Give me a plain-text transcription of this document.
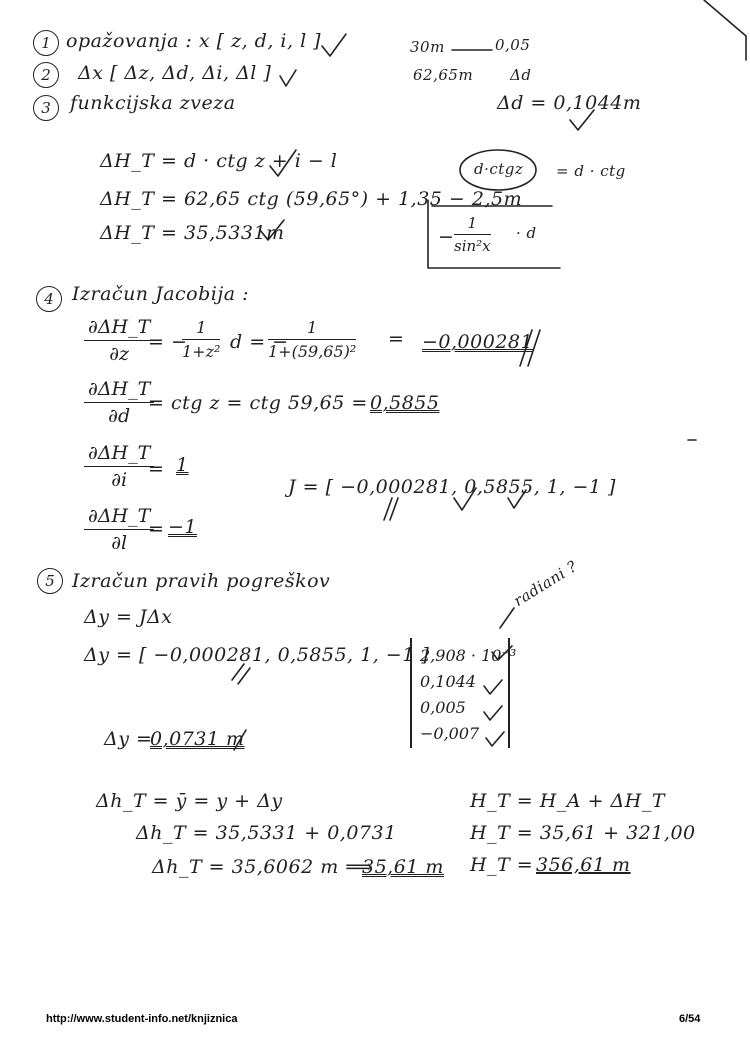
1 opažovanja : x [ z, d, i, l ]
2	Δx [ Δz, Δd, Δi, Δl ]
3	funkcijska zveza
30m	0,05
62,65m Δd
Δd = 0,1044m
ΔH_T = d · ctg z + i − l
ΔH_T = 62,65 ctg (59,65°) + 1,35 − 2,5m
ΔH_T = 35,5331m
d·ctgz = d · ctg
− $\frac{1}{\text{sin²x}} \cdot d$
4 Izračun Jacobija :
$\frac{\partial\Delta H\_T}{\partial z}$
= −
$\frac{1}{\text{1+z²}}$ d = −
$\frac{1}{\text{1+(59,65)²}} = -0,000281$
$\frac{\partial\Delta H\_T}{\partial d}$
= ctg z = ctg 59,65 = 0,5855
$\frac{\partial\Delta H\_T}{\partial i}$
= 1
J = [ −0,000281, 0,5855, 1, −1 ]
$\frac{\partial\Delta H\_T}{\partial l}$
= −1
5 Izračun pravih pogreškov	radiani ?
Δy = JΔx
Δy = [ −0,000281, 0,5855, 1, −1 ]
2,908 · 10⁻³
0,1044
0,005
−0,007
Δy =
0,0731 m
Δh_T = ȳ = y + Δy
Δh_T = 35,5331 + 0,0731
Δh_T = 35,6062 m ⟹
35,61 m
H_T = H_A + ΔH_T
H_T = 35,61 + 321,00
H_T = 356,61 m
http://www.student-info.net/knjiznica	6/54
